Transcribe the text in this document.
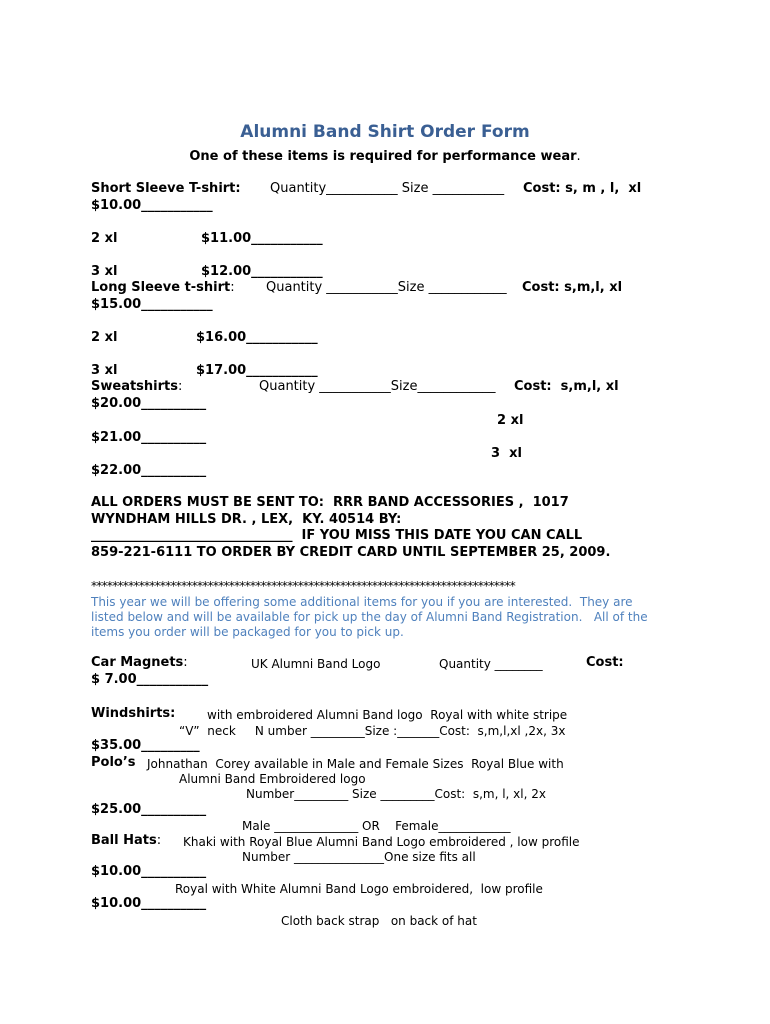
Alumni Band Shirt Order Form
One of these items is required for performance wear.
Short Sleeve T-shirt: Quantity___________ Size ___________ Cost: s, m , l,  xl
$10.00___________
2 xl	$11.00___________
3 xl	$12.00___________
Long Sleeve t-shirt: Quantity ___________Size ____________ Cost: s,m,l, xl
$15.00___________
2 xl	$16.00___________
3 xl	$17.00___________
Sweatshirts:	Quantity ___________Size____________ Cost:  s,m,l, xl
$20.00__________
2 xl
$21.00__________
3  xl
$22.00__________
ALL ORDERS MUST BE SENT TO:  RRR BAND ACCESSORIES ,  1017
WYNDHAM HILLS DR. , LEX,  KY. 40514 BY:
_______________________________  IF YOU MISS THIS DATE YOU CAN CALL
859-221-6111 TO ORDER BY CREDIT CARD UNTIL SEPTEMBER 25, 2009.
********************************************************************************
This year we will be offering some additional items for you if you are interested.  They are
listed below and will be available for pick up the day of Alumni Band Registration.   All of the
items you order will be packaged for you to pick up.
Car Magnets:	UK Alumni Band Logo	Quantity ________	Cost:
$ 7.00___________
Windshirts:	with embroidered Alumni Band logo  Royal with white stripe
“V”  neck     N umber _________Size :_______Cost:  s,m,l,xl ,2x, 3x
$35.00_________
Polo’s Johnathan  Corey available in Male and Female Sizes  Royal Blue with
Alumni Band Embroidered logo
Number_________ Size _________Cost:  s,m, l, xl, 2x
$25.00__________
Male ______________ OR    Female____________
Ball Hats: Khaki with Royal Blue Alumni Band Logo embroidered , low profile
Number _______________One size fits all
$10.00__________
Royal with White Alumni Band Logo embroidered,  low profile
$10.00__________
Cloth back strap   on back of hat
